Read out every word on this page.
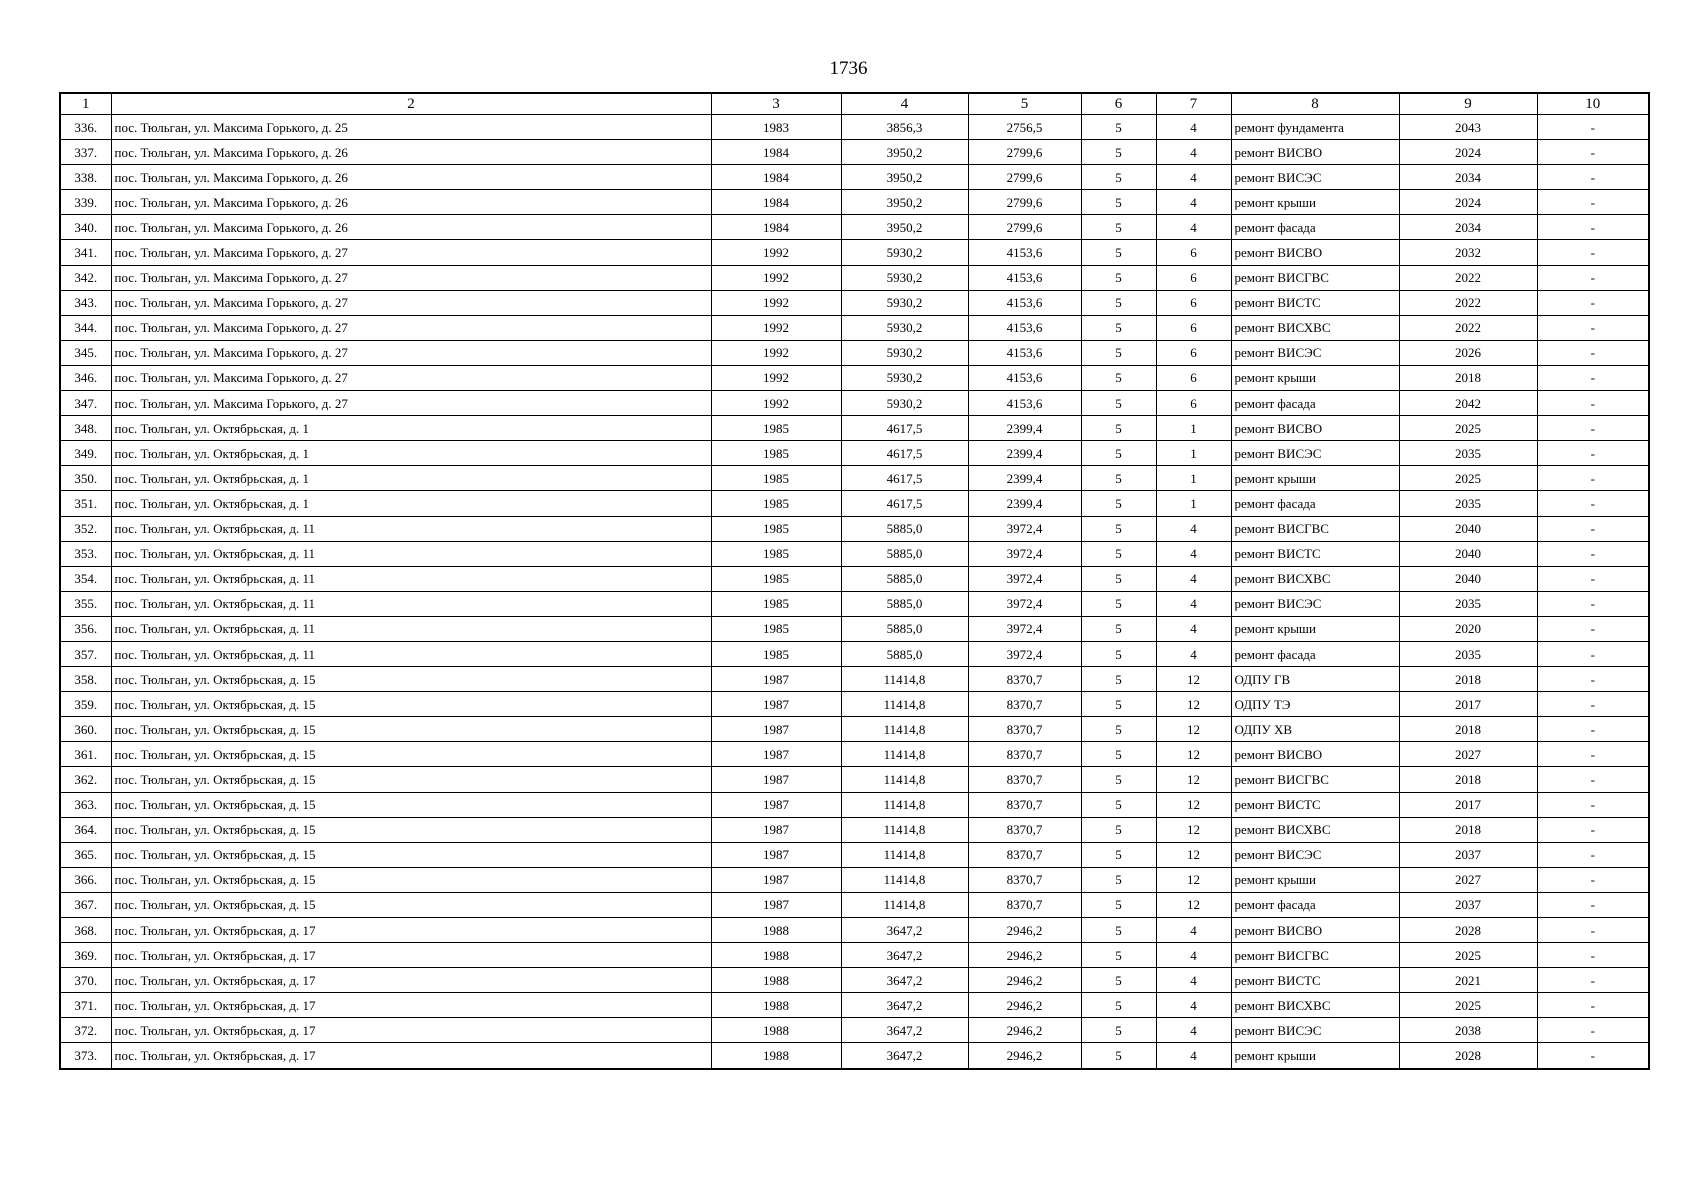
1736
1	2	3	4	5	6	7	8	9	10
336.	пос. Тюльган, ул. Максима Горького, д. 25	1983	3856,3	2756,5	5	4	ремонт фундамента	2043	-
337.	пос. Тюльган, ул. Максима Горького, д. 26	1984	3950,2	2799,6	5	4	ремонт ВИСВО	2024	-
338.	пос. Тюльган, ул. Максима Горького, д. 26	1984	3950,2	2799,6	5	4	ремонт ВИСЭС	2034	-
339.	пос. Тюльган, ул. Максима Горького, д. 26	1984	3950,2	2799,6	5	4	ремонт крыши	2024	-
340.	пос. Тюльган, ул. Максима Горького, д. 26	1984	3950,2	2799,6	5	4	ремонт фасада	2034	-
341.	пос. Тюльган, ул. Максима Горького, д. 27	1992	5930,2	4153,6	5	6	ремонт ВИСВО	2032	-
342.	пос. Тюльган, ул. Максима Горького, д. 27	1992	5930,2	4153,6	5	6	ремонт ВИСГВС	2022	-
343.	пос. Тюльган, ул. Максима Горького, д. 27	1992	5930,2	4153,6	5	6	ремонт ВИСТС	2022	-
344.	пос. Тюльган, ул. Максима Горького, д. 27	1992	5930,2	4153,6	5	6	ремонт ВИСХВС	2022	-
345.	пос. Тюльган, ул. Максима Горького, д. 27	1992	5930,2	4153,6	5	6	ремонт ВИСЭС	2026	-
346.	пос. Тюльган, ул. Максима Горького, д. 27	1992	5930,2	4153,6	5	6	ремонт крыши	2018	-
347.	пос. Тюльган, ул. Максима Горького, д. 27	1992	5930,2	4153,6	5	6	ремонт фасада	2042	-
348.	пос. Тюльган, ул. Октябрьская, д. 1	1985	4617,5	2399,4	5	1	ремонт ВИСВО	2025	-
349.	пос. Тюльган, ул. Октябрьская, д. 1	1985	4617,5	2399,4	5	1	ремонт ВИСЭС	2035	-
350.	пос. Тюльган, ул. Октябрьская, д. 1	1985	4617,5	2399,4	5	1	ремонт крыши	2025	-
351.	пос. Тюльган, ул. Октябрьская, д. 1	1985	4617,5	2399,4	5	1	ремонт фасада	2035	-
352.	пос. Тюльган, ул. Октябрьская, д. 11	1985	5885,0	3972,4	5	4	ремонт ВИСГВС	2040	-
353.	пос. Тюльган, ул. Октябрьская, д. 11	1985	5885,0	3972,4	5	4	ремонт ВИСТС	2040	-
354.	пос. Тюльган, ул. Октябрьская, д. 11	1985	5885,0	3972,4	5	4	ремонт ВИСХВС	2040	-
355.	пос. Тюльган, ул. Октябрьская, д. 11	1985	5885,0	3972,4	5	4	ремонт ВИСЭС	2035	-
356.	пос. Тюльган, ул. Октябрьская, д. 11	1985	5885,0	3972,4	5	4	ремонт крыши	2020	-
357.	пос. Тюльган, ул. Октябрьская, д. 11	1985	5885,0	3972,4	5	4	ремонт фасада	2035	-
358.	пос. Тюльган, ул. Октябрьская, д. 15	1987	11414,8	8370,7	5	12	ОДПУ ГВ	2018	-
359.	пос. Тюльган, ул. Октябрьская, д. 15	1987	11414,8	8370,7	5	12	ОДПУ ТЭ	2017	-
360.	пос. Тюльган, ул. Октябрьская, д. 15	1987	11414,8	8370,7	5	12	ОДПУ ХВ	2018	-
361.	пос. Тюльган, ул. Октябрьская, д. 15	1987	11414,8	8370,7	5	12	ремонт ВИСВО	2027	-
362.	пос. Тюльган, ул. Октябрьская, д. 15	1987	11414,8	8370,7	5	12	ремонт ВИСГВС	2018	-
363.	пос. Тюльган, ул. Октябрьская, д. 15	1987	11414,8	8370,7	5	12	ремонт ВИСТС	2017	-
364.	пос. Тюльган, ул. Октябрьская, д. 15	1987	11414,8	8370,7	5	12	ремонт ВИСХВС	2018	-
365.	пос. Тюльган, ул. Октябрьская, д. 15	1987	11414,8	8370,7	5	12	ремонт ВИСЭС	2037	-
366.	пос. Тюльган, ул. Октябрьская, д. 15	1987	11414,8	8370,7	5	12	ремонт крыши	2027	-
367.	пос. Тюльган, ул. Октябрьская, д. 15	1987	11414,8	8370,7	5	12	ремонт фасада	2037	-
368.	пос. Тюльган, ул. Октябрьская, д. 17	1988	3647,2	2946,2	5	4	ремонт ВИСВО	2028	-
369.	пос. Тюльган, ул. Октябрьская, д. 17	1988	3647,2	2946,2	5	4	ремонт ВИСГВС	2025	-
370.	пос. Тюльган, ул. Октябрьская, д. 17	1988	3647,2	2946,2	5	4	ремонт ВИСТС	2021	-
371.	пос. Тюльган, ул. Октябрьская, д. 17	1988	3647,2	2946,2	5	4	ремонт ВИСХВС	2025	-
372.	пос. Тюльган, ул. Октябрьская, д. 17	1988	3647,2	2946,2	5	4	ремонт ВИСЭС	2038	-
373.	пос. Тюльган, ул. Октябрьская, д. 17	1988	3647,2	2946,2	5	4	ремонт крыши	2028	-
